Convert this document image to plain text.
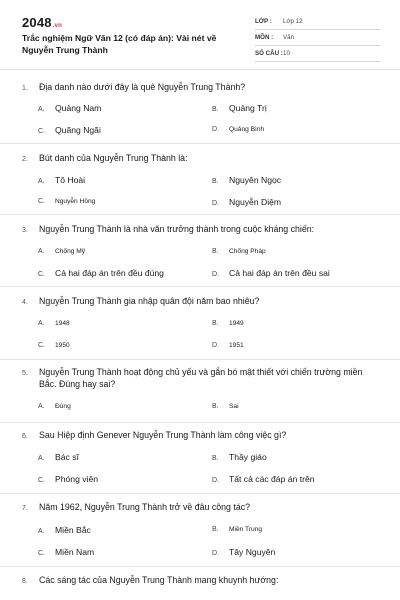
2048.vn
Trắc nghiệm Ngữ Văn 12 (có đáp án): Vài nét về Nguyễn Trung Thành
LỚP : Lớp 12
MÔN : Văn
SỐ CÂU : 10
1. Địa danh nào dưới đây là quê Nguyễn Trung Thành?
A. Quảng Nam	B. Quảng Trị
C. Quãng Ngãi	D. Quảng Bình
2. Bút danh của Nguyễn Trung Thành là:
A. Tô Hoài	B. Nguyên Ngọc
C. Nguyễn Hồng	D. Nguyễn Diệm
3. Nguyễn Trung Thành là nhà văn trưởng thành trong cuộc kháng chiến:
A. Chống Mỹ	B. Chống Pháp
C. Cả hai đáp án trên đều đúng	D. Cả hai đáp án trên đều sai
4. Nguyễn Trung Thành gia nhập quân đội năm bao nhiêu?
A. 1948	B. 1949
C. 1950	D. 1951
5. Nguyễn Trung Thành hoạt động chủ yếu và gắn bó mật thiết với chiến trường miền
Bắc. Đúng hay sai?
A. Đúng	B. Sai
6. Sau Hiệp định Genever Nguyễn Trung Thành làm công việc gì?
A. Bác sĩ	B. Thầy giáo
C. Phóng viên	D. Tất cả các đáp án trên
7. Năm 1962, Nguyễn Trung Thành trở về đâu công tác?
A. Miền Bắc	B. Miền Trung
C. Miền Nam	D. Tây Nguyên
8. Các sáng tác của Nguyễn Trung Thành mang khuynh hướng:
